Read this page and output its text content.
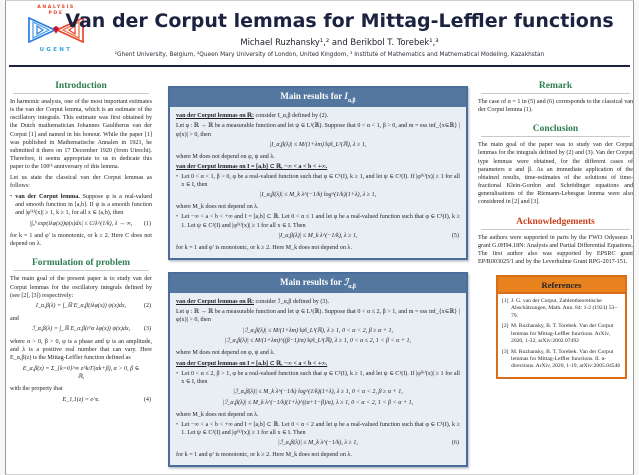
ANALYSIS
PDE
UGENT
Van der Corput lemmas for Mittag-Leffler functions
Michael Ruzhansky¹,² and Berikbol T. Torebek¹,³
¹Ghent University, Belgium, ²Queen Mary University of London, United Kingdom, ³ Institute of Mathematics and Mathematical Modeling, Kazakhstan
Introduction

In harmonic analysis, one of the most important estimates is the van der Corput lemma, which is an estimate of the oscillatory integrals. This estimate was first obtained by the Dutch mathematician Johannes Gaultherus van der Corput [1] and named in his honour. While the paper [1] was published in Mathematische Annalen in 1921, he submitted it there on 17 December 1920 (from Utrecht). Therefore, it seems appropriate to us to dedicate this paper to the 100ᵗʰ anniversary of this lemma.

Let us state the classical van der Corput lemmas as follows:

• van der Corput lemma. Suppose φ is a real-valued and smooth function in [a,b]. If ψ is a smooth function and |φ⁽ᵏ⁾(x)| ≥ 1, k ≥ 1, for all x ∈ (a,b), then
|∫ₐᵇ exp(iλφ(x))ψ(x)dx| ≤ C/λ^(1/k), λ → ∞, (1)

for k = 1 and φ′ is monotonic, or k ≥ 2. Here C does not depend on λ.

Formulation of problem

The main goal of the present paper is to study van der Corput lemmas for the oscillatory integrals defined by (see [2], [3]) respectively:

I_α,β(λ) = ∫_ℝ E_α,β(iλφ(x)) ψ(x)dx,	(2)

and

ℐ_α,β(λ) = ∫_ℝ E_α,β(i^α λφ(x)) ψ(x)dx, (3)

where α > 0, β > 0, φ is a phase and ψ is an amplitude, and λ is a positive real number that can vary. Here E_α,β(z) is the Mittag-Leffler function defined as

E_α,β(z) = Σ_{k=0}^∞ z^k/Γ(αk+β), α > 0, β ∈ ℝ,

with the property that

E_1,1(z) = e^z.	(4)
Main results for $I_{\alpha,\beta}$

van der Corput lemmas on ℝ: consider I_α,β defined by (2).

Let φ : ℝ → ℝ be a measurable function and let ψ ∈ L¹(ℝ). Suppose that 0 < α < 1, β > 0, and m = ess inf_{x∈ℝ} |φ(x)| > 0, then

|I_α,β(λ)| ≤ M/(1+λm) ‖ψ‖_L¹(ℝ), λ ≥ 1,

where M does not depend on φ, ψ and λ.

van der Corput lemmas on I = [a,b] ⊂ ℝ, −∞ < a < b < +∞.

• Let 0 < α < 1, β > 0, φ be a real-valued function such that φ ∈ Cᵏ(I), k ≥ 1, and let ψ ∈ C¹(I). If |φ⁽ᵏ⁾(x)| ≥ 1 for all x ∈ I, then
|I_α,β(λ)| ≤ M_k λ^(−1/k) log^(1/k)(1+λ), λ ≥ 1,

where M_k does not depend on λ.

• Let −∞ < a < b < +∞ and I = [a,b] ⊂ ℝ. Let 0 < α ≤ 1 and let φ be a real-valued function such that φ ∈ Cᵏ(I), k ≥ 1. Let ψ ∈ C¹(I) and |φ⁽ᵏ⁾(x)| ≥ 1 for all x ∈ I. Then
|I_α,β(λ)| ≤ M_k λ^(−1/k), λ ≥ 1,	(5)

for k = 1 and φ′ is monotonic, or k ≥ 2. Here M_k does not depend on λ.

Main results for ℐ$_{\alpha,\beta}$

van der Corput lemmas on ℝ: consider ℐ_α,β defined by (3).

Let φ : ℝ → ℝ be a measurable function and let ψ ∈ L¹(ℝ). Suppose that 0 < α ≤ 2, β > 1, and m = ess inf_{x∈ℝ} |φ(x)| > 0, then

|ℐ_α,β(λ)| ≤ M/(1+λm) ‖ψ‖_L¹(ℝ), λ ≥ 1, 0 < α < 2, β ≥ α + 1,
|ℐ_α,β(λ)| ≤ M/(1+λm)^((β−1)/α) ‖ψ‖_L¹(ℝ), λ ≥ 1, 0 < α ≤ 2, 1 < β < α + 1,

where M does not depend on φ, ψ and λ.

van der Corput lemmas on I = [a,b] ⊂ ℝ, −∞ < a < b < +∞.

• Let 0 < α ≤ 2, β > 1, φ be a real-valued function such that φ ∈ Cᵏ(I), k ≥ 1, and let ψ ∈ C¹(I). If |φ⁽ᵏ⁾(x)| ≥ 1 for all x ∈ I, then
|ℐ_α,β(λ)| ≤ M_k λ^(−1/k) log^(1/k)(1+λ), λ ≥ 1, 0 < α < 2, β ≥ α + 1,
|ℐ_α,β(λ)| ≤ M_k λ^(−1/k)(1+λ)^((α+1−β)/α), λ ≥ 1, 0 < α < 2, 1 < β < α + 1,

where M_k does not depend on λ.

• Let −∞ < a < b < +∞ and I = [a,b] ⊂ ℝ. Let 0 < α < 2 and let φ be a real-valued function such that φ ∈ Cᵏ(I), k ≥ 1. Let ψ ∈ C¹(I) and |φ⁽ᵏ⁾(x)| ≥ 1 for all x ∈ I. Then
|ℐ_α,β(λ)| ≤ M_k λ^(−1/k), λ ≥ 1,	(6)

for k = 1 and φ′ is monotonic, or k ≥ 2. Here M_k does not depend on λ.

Remark

The case of α = 1 in (5) and (6) corresponds to the classical van der Corput lemma (1).

Conclusion

The main goal of the paper was to study van der Corput lemmas for the integrals defined by (2) and (3). Van der Corput type lemmas were obtained, for the different cases of parameters α and β. As an immediate application of the obtained results, time-estimates of the solutions of time-fractional Klein-Gordon and Schrödinger equations and generalisations of the Riemann-Lebesgue lemma were also considered in [2] and [3].

Acknowledgements

The authors were supported in parts by the FWO Odysseus 1 grant G.0H94.18N: Analysis and Partial Differential Equations. The first author also was supported by EPSRC grant EP/R003025/1 and by the Leverhulme Grant RPG-2017-151.

References
[1] J. G. van der Corput, Zahlentheoretische Abschätzungen, Math. Ann. 84: 1-2 (1921) 53–79.
[2] M. Ruzhansky, B. T. Torebek. Van der Corput lemmas for Mittag-Leffler functions. ArXiv, 2020, 1-32, arXiv:2002.07492
[3] M. Ruzhansky, B. T. Torebek. Van der Corput lemmas for Mittag-Leffler functions. II. α-directions. ArXiv, 2020, 1-19, arXiv:2005.04546
